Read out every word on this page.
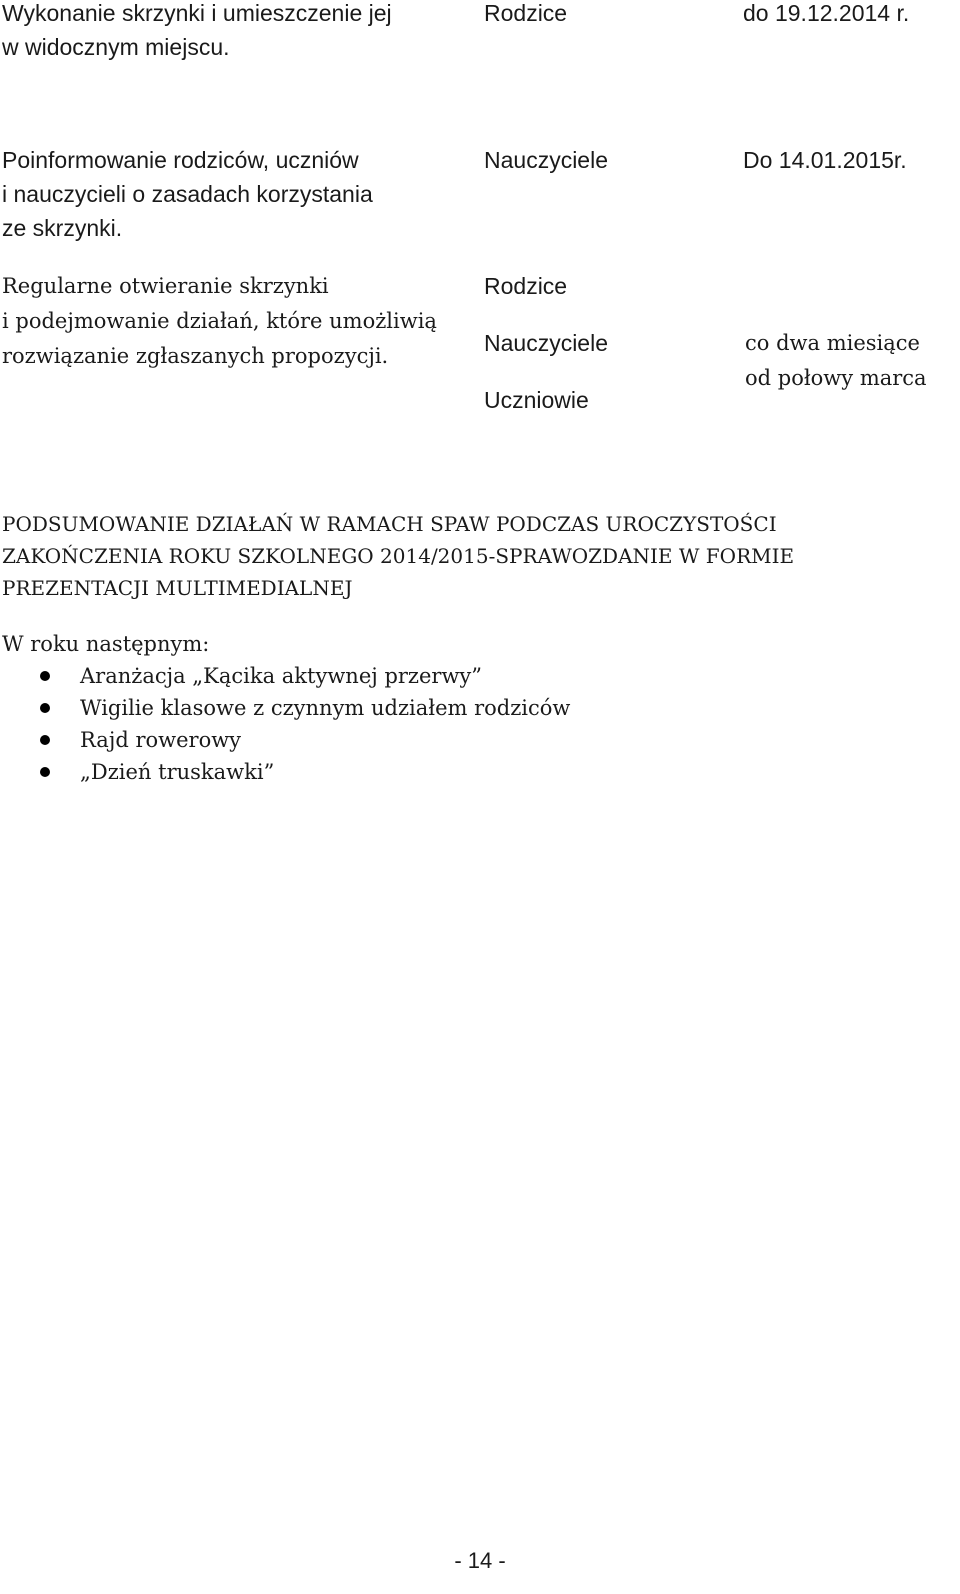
Wykonanie skrzynki i umieszczenie jej
w widocznym miejscu.
Rodzice	do 19.12.2014 r.
Poinformowanie rodziców, uczniów
i nauczycieli o zasadach korzystania
ze skrzynki.
Nauczyciele	Do 14.01.2015r.
Regularne otwieranie skrzynki
i podejmowanie działań, które umożliwią
rozwiązanie zgłaszanych propozycji.
Rodzice
Nauczyciele
Uczniowie
co dwa miesiące
od połowy marca
PODSUMOWANIE DZIAŁAŃ W RAMACH SPAW PODCZAS UROCZYSTOŚCI
ZAKOŃCZENIA ROKU SZKOLNEGO 2014/2015-SPRAWOZDANIE W FORMIE
PREZENTACJI MULTIMEDIALNEJ
W roku następnym:
Aranżacja „Kącika aktywnej przerwy”
Wigilie klasowe z czynnym udziałem rodziców
Rajd rowerowy
„Dzień truskawki”
- 14 -
